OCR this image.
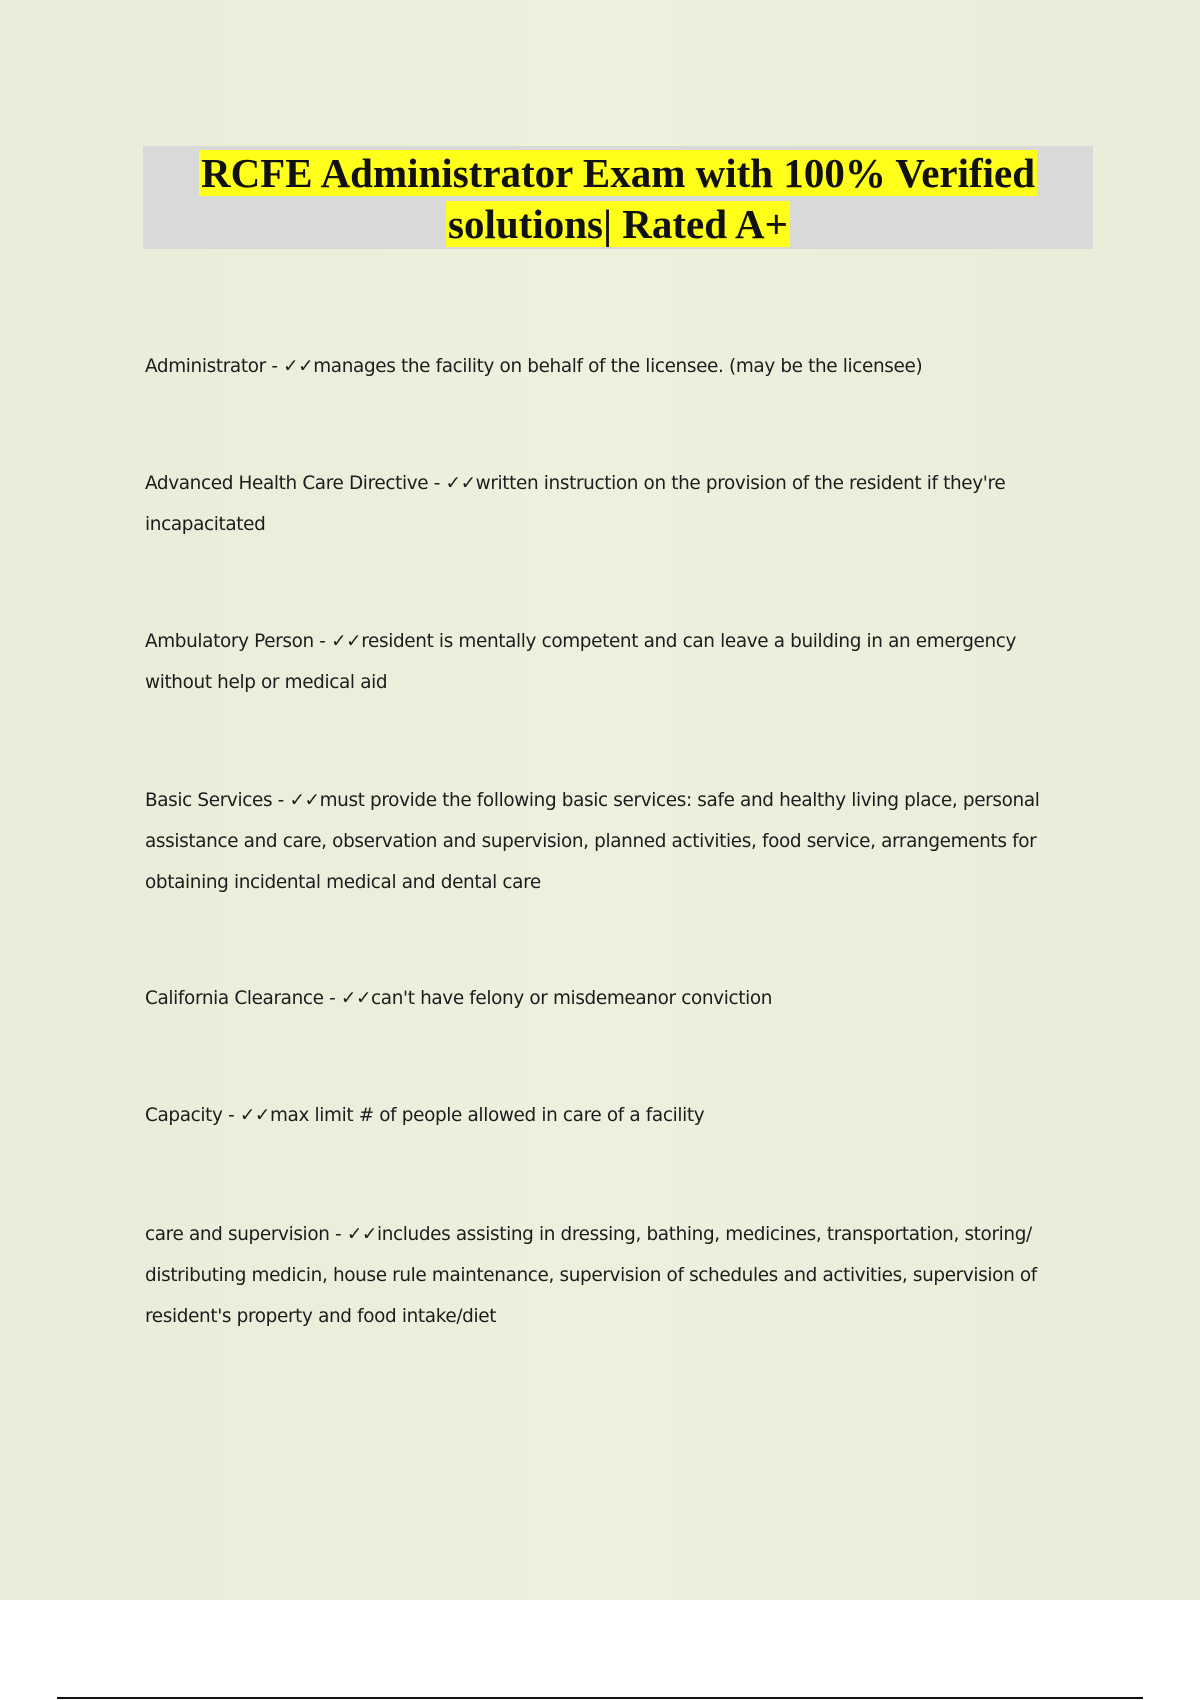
RCFE Administrator Exam with 100% Verified solutions| Rated A+
Administrator - ✓✓manages the facility on behalf of the licensee. (may be the licensee)
Advanced Health Care Directive - ✓✓written instruction on the provision of the resident if they're incapacitated
Ambulatory Person - ✓✓resident is mentally competent and can leave a building in an emergency without help or medical aid
Basic Services - ✓✓must provide the following basic services: safe and healthy living place, personal assistance and care, observation and supervision, planned activities, food service, arrangements for obtaining incidental medical and dental care
California Clearance - ✓✓can't have felony or misdemeanor conviction
Capacity - ✓✓max limit # of people allowed in care of a facility
care and supervision - ✓✓includes assisting in dressing, bathing, medicines, transportation, storing/ distributing medicin, house rule maintenance, supervision of schedules and activities, supervision of resident's property and food intake/diet
